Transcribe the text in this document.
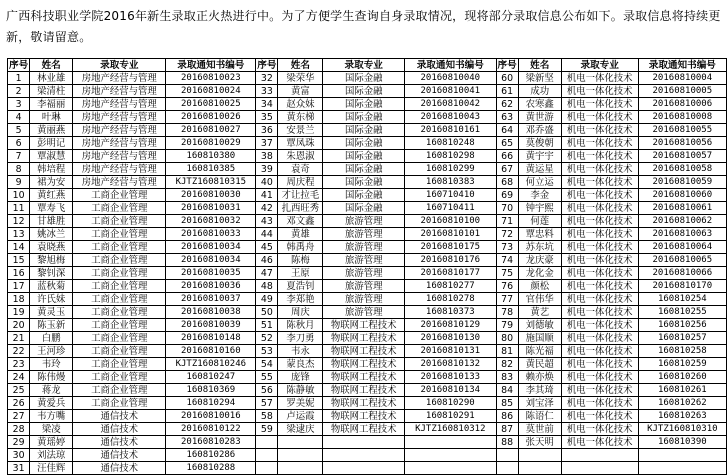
广西科技职业学院2016年新生录取正火热进行中。为了方便学生查询自身录取情况，现将部分录取信息公布如下。录取信息将持续更新，敬请留意。
序号	姓名	录取专业	录取通知书编号	序号	姓名	录取专业	录取通知书编号	序号	姓名	录取专业	录取通知书编号
1	林业雄	房地产经营与管理	20160810023	32	梁荣华	国际金融	20160810040	60	梁新坚	机电一体化技术	20160810004
2	梁清柱	房地产经营与管理	20160810024	33	黄富	国际金融	20160810041	61	成功	机电一体化技术	20160810005
3	李福丽	房地产经营与管理	20160810025	34	赵众妹	国际金融	20160810042	62	农寒鑫	机电一体化技术	20160810006
4	叶琳	房地产经营与管理	20160810026	35	黄东梯	国际金融	20160810043	63	黄世游	机电一体化技术	20160810008
5	黄丽燕	房地产经营与管理	20160810027	36	安景兰	国际金融	20160810161	64	邓乔盛	机电一体化技术	20160810055
6	彭明记	房地产经营与管理	20160810029	37	覃凤珠	国际金融	160810248	65	莫俊朝	机电一体化技术	20160810056
7	覃淑慧	房地产经营与管理	160810380	38	朱恩淑	国际金融	160810298	66	黄宇宇	机电一体化技术	20160810057
8	韩培程	房地产经营与管理	160810385	39	袁奇	国际金融	160810299	67	黄运星	机电一体化技术	20160810058
9	裙为安	房地产经营与管理	KJTZ160810315	40	周庆程	国际金融	160810383	68	何立运	机电一体化技术	20160810059
10	黄红燕	工商企业管理	20160810030	41	才让拉毛	国际金融	160710410	69	李金	机电一体化技术	20160810060
11	覃寿飞	工商企业管理	20160810031	42	扎西旺秀	国际金融	160710411	70	钟宇熙	机电一体化技术	20160810061
12	甘雄胜	工商企业管理	20160810032	43	邓文鑫	旅游管理	20160810100	71	何莲	机电一体化技术	20160810062
13	姚冰兰	工商企业管理	20160810033	44	黄雄	旅游管理	20160810101	72	覃忠料	机电一体化技术	20160810063
14	袁晓燕	工商企业管理	20160810034	45	韩禹舟	旅游管理	20160810175	73	苏东坑	机电一体化技术	20160810064
15	黎旭梅	工商企业管理	20160810034	46	陈梅	旅游管理	20160810176	74	龙庆豪	机电一体化技术	20160810065
16	黎钊深	工商企业管理	20160810035	47	王原	旅游管理	20160810177	75	龙化金	机电一体化技术	20160810066
17	蓝秋菊	工商企业管理	20160810036	48	夏浩钊	旅游管理	160810277	76	颜松	机电一体化技术	20160810170
18	许氏妹	工商企业管理	20160810037	49	李郑艳	旅游管理	160810278	77	官伟华	机电一体化技术	160810254
19	黄灵玉	工商企业管理	20160810038	50	周庆	旅游管理	160810373	78	黄艺	机电一体化技术	160810255
20	陈玉新	工商企业管理	20160810039	51	陈秋月	物联网工程技术	20160810129	79	刘德敏	机电一体化技术	160810256
21	白鹏	工商企业管理	20160810148	52	李刀勇	物联网工程技术	20160810130	80	施国顺	机电一体化技术	160810257
22	王河珍	工商企业管理	20160810160	53	韦永	物联网工程技术	20160810131	81	陈光福	机电一体化技术	160810258
23	韦玲	工商企业管理	KJTZ160810246	54	蒙良杰	物联网工程技术	20160810132	82	黄民超	机电一体化技术	160810259
24	陈伟熳	工商企业管理	160810247	55	庞锋	物联网工程技术	20160810133	83	赖亦焕	机电一体化技术	160810260
25	蒋龙	工商企业管理	160810369	56	陈静敏	物联网工程技术	20160810134	84	李其琦	机电一体化技术	160810261
26	黄爱兵	工商企业管理	160810294	57	罗美妮	物联网工程技术	160810290	85	刘宝泽	机电一体化技术	160810262
27	韦方嘴	通信技术	20160810016	58	卢运霞	物联网工程技术	160810291	86	陈语仁	机电一体化技术	160810263
28	梁凌	通信技术	20160810122	59	梁逮庆	物联网工程技术	KJTZ160810312	87	莫世前	机电一体化技术	KJTZ160810310
29	黄瑶婷	通信技术	20160810283					88	张天明	机电一体化技术	160810390
30	刘法琼	通信技术	160810286								
31	汪佳辉	通信技术	160810288								
